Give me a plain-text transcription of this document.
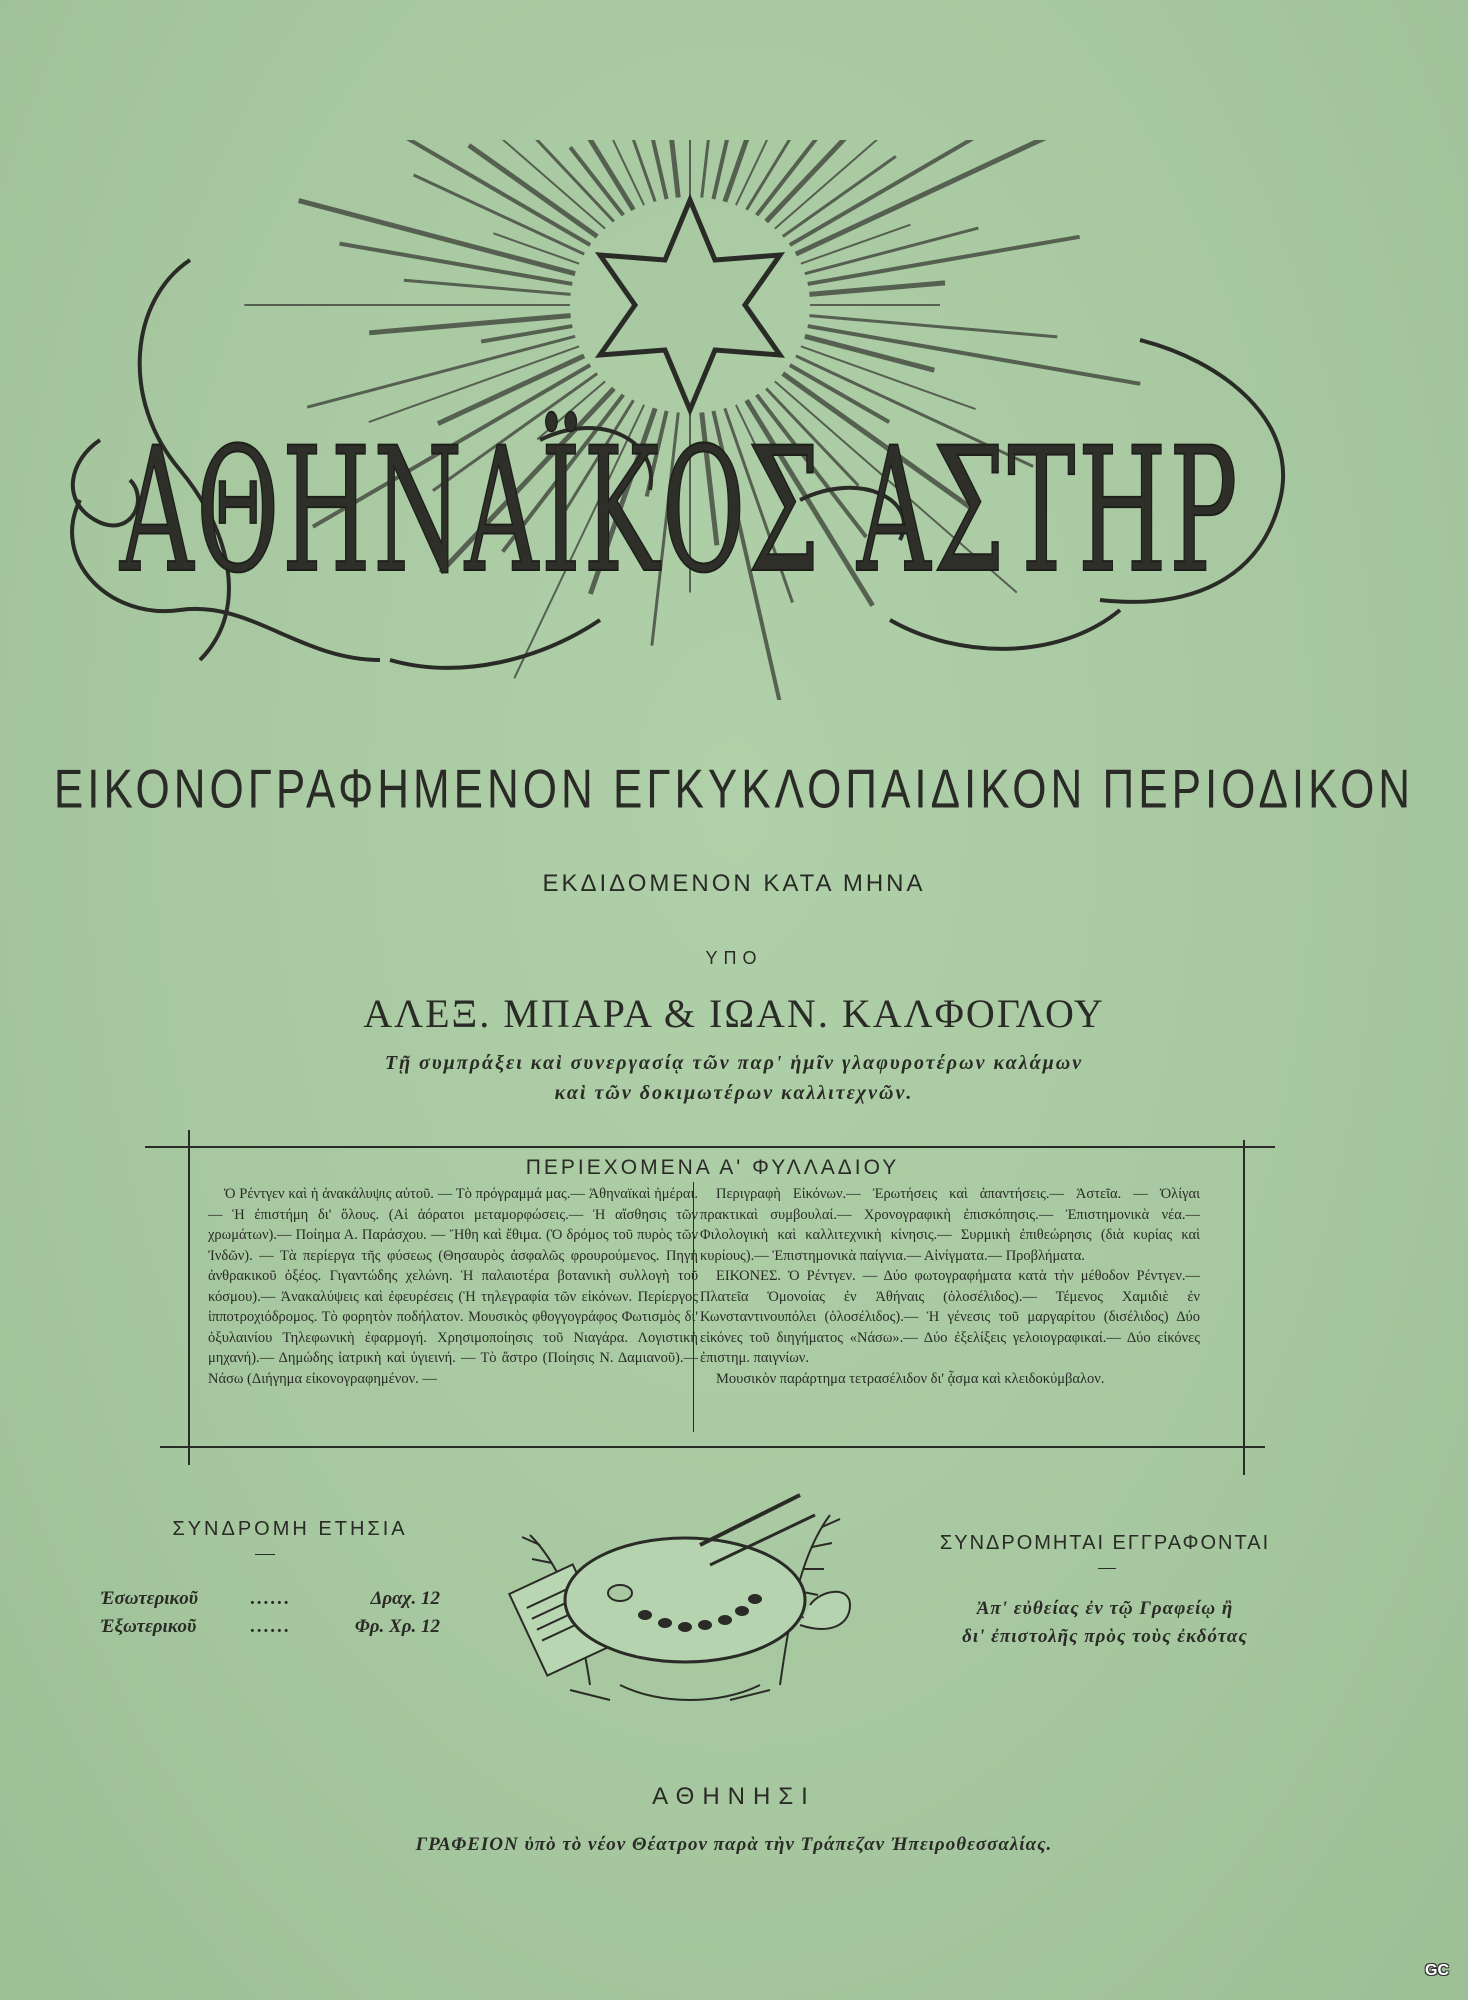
ΑΘΗΝΑΪΚΟΣ ΑΣΤΗΡ
ΕΙΚΟΝΟΓΡΑΦΗΜΕΝΟΝ ΕΓΚΥΚΛΟΠΑΙΔΙΚΟΝ ΠΕΡΙΟΔΙΚΟΝ
ΕΚΔΙΔΟΜΕΝΟΝ ΚΑΤΑ ΜΗΝΑ
ΥΠΟ
ΑΛΕΞ. ΜΠΑΡΑ & ΙΩΑΝ. ΚΑΛΦΟΓΛΟΥ
Τῇ συμπράξει καὶ συνεργασίᾳ τῶν παρ' ἡμῖν γλαφυροτέρων καλάμων
καὶ τῶν δοκιμωτέρων καλλιτεχνῶν.
ΠΕΡΙΕΧΟΜΕΝΑ Α' ΦΥΛΛΑΔΙΟΥ

Ὁ Ρέντγεν καὶ ἡ ἀνακάλυψις αὐτοῦ. — Τὸ πρόγραμμά μας.— Ἀθηναϊκαὶ ἡμέραι.— Ἡ ἐπιστήμη δι' ὅλους. (Αἱ ἀόρατοι μεταμορφώσεις.— Ἡ αἴσθησις τῶν χρωμάτων).— Ποίημα Α. Παράσχου. — Ἤθη καὶ ἔθιμα. (Ὁ δρόμος τοῦ πυρὸς τῶν Ἰνδῶν). — Τὰ περίεργα τῆς φύσεως (Θησαυρὸς ἀσφαλῶς φρουρούμενος. Πηγὴ ἀνθρακικοῦ ὀξέος. Γιγαντώδης χελώνη. Ἡ παλαιοτέρα βοτανικὴ συλλογὴ τοῦ κόσμου).— Ἀνακαλύψεις καὶ ἐφευρέσεις (Ἡ τηλεγραφία τῶν εἰκόνων. Περίεργος ἱπποτροχιόδρομος. Τὸ φορητὸν ποδήλατον. Μουσικὸς φθογγογράφος Φωτισμὸς δι' ὀξυλαινίου Τηλεφωνικὴ ἐφαρμογή. Χρησιμοποίησις τοῦ Νιαγάρα. Λογιστικὴ μηχανή).— Δημώδης ἰατρικὴ καὶ ὑγιεινή. — Τὸ ἄστρο (Ποίησις Ν. Δαμιανοῦ).— Νάσω (Διήγημα εἰκονογραφημένον. —

Περιγραφὴ Εἰκόνων.— Ἐρωτήσεις καὶ ἀπαντήσεις.— Ἀστεῖα. — Ὀλίγαι πρακτικαὶ συμβουλαί.— Χρονογραφικὴ ἐπισκόπησις.— Ἐπιστημονικὰ νέα.— Φιλολογικὴ καὶ καλλιτεχνικὴ κίνησις.— Συρμικὴ ἐπιθεώρησις (διὰ κυρίας καὶ κυρίους).— Ἐπιστημονικὰ παίγνια.— Αἰνίγματα.— Προβλήματα.

ΕΙΚΟΝΕΣ. Ὁ Ρέντγεν. — Δύο φωτογραφήματα κατὰ τὴν μέθοδον Ρέντγεν.— Πλατεῖα Ὁμονοίας ἐν Ἀθήναις (ὁλοσέλιδος).— Τέμενος Χαμιδιὲ ἐν Κωνσταντινουπόλει (ὁλοσέλιδος).— Ἡ γένεσις τοῦ μαργαρίτου (δισέλιδος) Δύο εἰκόνες τοῦ διηγήματος «Νάσω».— Δύο ἐξελίξεις γελοιογραφικαί.— Δύο εἰκόνες ἐπιστημ. παιγνίων.

Μουσικὸν παράρτημα τετρασέλιδον δι' ᾆσμα καὶ κλειδοκύμβαλον.

ΣΥΝΔΡΟΜΗ ΕΤΗΣΙΑ
Ἐσωτερικοῦ	......	Δραχ. 12
Ἐξωτερικοῦ	......	Φρ. Χρ. 12
ΣΥΝΔΡΟΜΗΤΑΙ ΕΓΓΡΑΦΟΝΤΑΙ
Ἀπ' εὐθείας ἐν τῷ Γραφείῳ ἢ
δι' ἐπιστολῆς πρὸς τοὺς ἐκδότας
ΑΘΗΝΗΣΙ
ΓΡΑΦΕΙΟΝ ὑπὸ τὸ νέον Θέατρον παρὰ τὴν Τράπεζαν Ἠπειροθεσσαλίας.
GC
